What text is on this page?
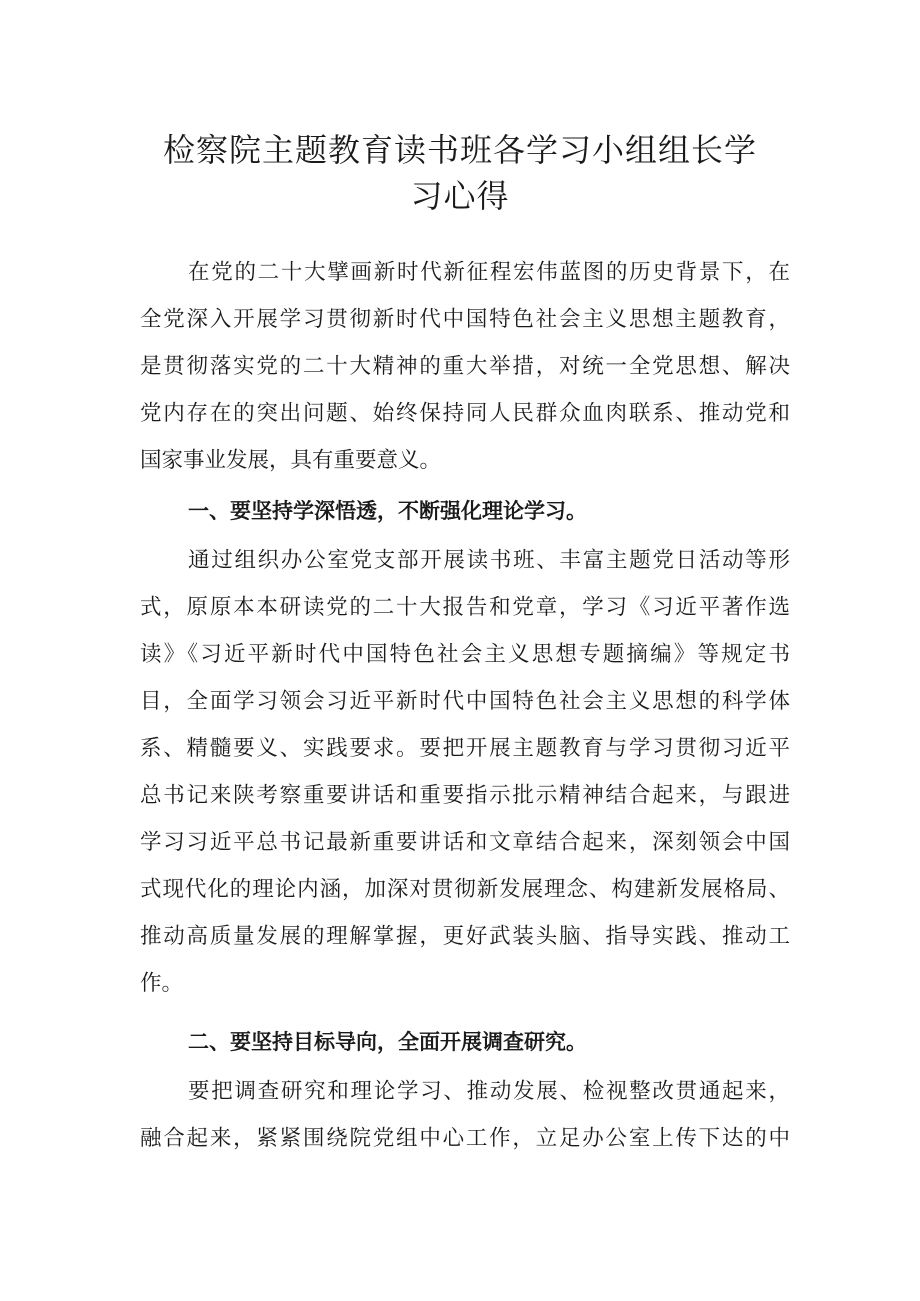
检察院主题教育读书班各学习小组组长学
习心得

在党的二十大擘画新时代新征程宏伟蓝图的历史背景下，在

全党深入开展学习贯彻新时代中国特色社会主义思想主题教育，

是贯彻落实党的二十大精神的重大举措，对统一全党思想、解决

党内存在的突出问题、始终保持同人民群众血肉联系、推动党和

国家事业发展，具有重要意义。

一、要坚持学深悟透，不断强化理论学习。

通过组织办公室党支部开展读书班、丰富主题党日活动等形

式，原原本本研读党的二十大报告和党章，学习《习近平著作选

读》《习近平新时代中国特色社会主义思想专题摘编》等规定书

目，全面学习领会习近平新时代中国特色社会主义思想的科学体

系、精髓要义、实践要求。要把开展主题教育与学习贯彻习近平

总书记来陕考察重要讲话和重要指示批示精神结合起来，与跟进

学习习近平总书记最新重要讲话和文章结合起来，深刻领会中国

式现代化的理论内涵，加深对贯彻新发展理念、构建新发展格局、

推动高质量发展的理解掌握，更好武装头脑、指导实践、推动工

作。

二、要坚持目标导向，全面开展调查研究。

要把调查研究和理论学习、推动发展、检视整改贯通起来，

融合起来，紧紧围绕院党组中心工作，立足办公室上传下达的中
